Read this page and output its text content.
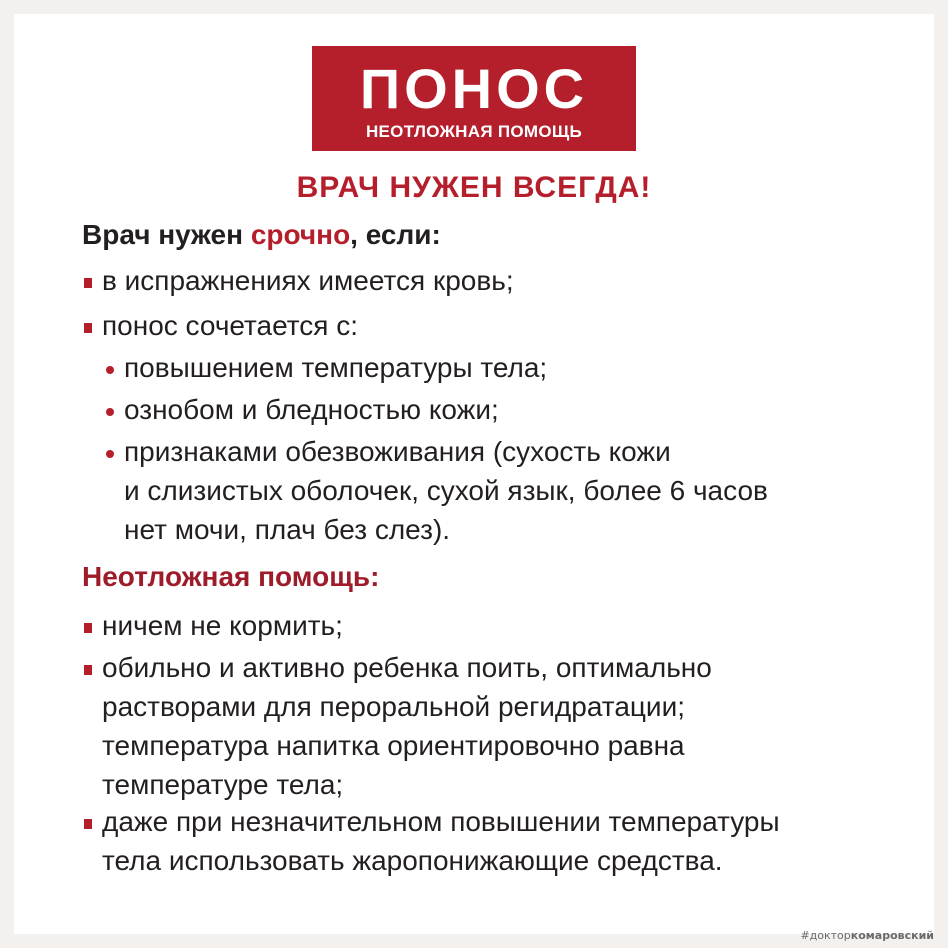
ПОНОС
НЕОТЛОЖНАЯ ПОМОЩЬ
ВРАЧ НУЖЕН ВСЕГДА!
Врач нужен срочно, если:
в испражнениях имеется кровь;
понос сочетается с:
повышением температуры тела;
ознобом и бледностью кожи;
признаками обезвоживания (сухость кожи
и слизистых оболочек, сухой язык, более 6 часов
нет мочи, плач без слез).
Неотложная помощь:
ничем не кормить;
обильно и активно ребенка поить, оптимально
растворами для пероральной регидратации;
температура напитка ориентировочно равна
температуре тела;
даже при незначительном повышении температуры
тела использовать жаропонижающие средства.
#докторкомаровский
